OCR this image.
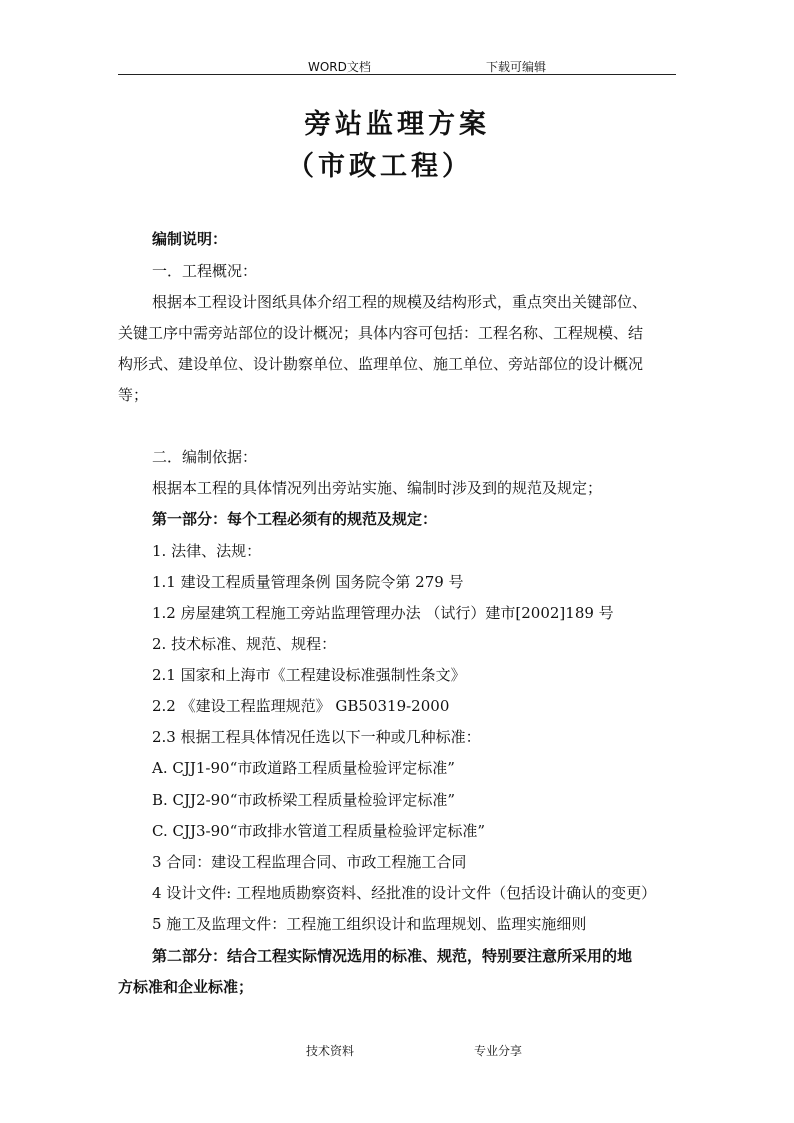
WORD文档	下载可编辑
旁站监理方案
（市政工程）
编制说明：
一．工程概况：
根据本工程设计图纸具体介绍工程的规模及结构形式，重点突出关键部位、
关键工序中需旁站部位的设计概况；具体内容可包括：工程名称、工程规模、结
构形式、建设单位、设计勘察单位、监理单位、施工单位、旁站部位的设计概况
等；
二．编制依据：
根据本工程的具体情况列出旁站实施、编制时涉及到的规范及规定；
第一部分：每个工程必须有的规范及规定：
1. 法律、法规：
1.1 建设工程质量管理条例 国务院令第 279 号
1.2 房屋建筑工程施工旁站监理管理办法 （试行）建市[2002]189 号
2. 技术标准、规范、规程：
2.1 国家和上海市《工程建设标准强制性条文》
2.2 《建设工程监理规范》 GB50319-2000
2.3 根据工程具体情况任选以下一种或几种标准：
A. CJJ1-90“市政道路工程质量检验评定标准”
B. CJJ2-90“市政桥梁工程质量检验评定标准”
C. CJJ3-90“市政排水管道工程质量检验评定标准”
3 合同：建设工程监理合同、市政工程施工合同
4 设计文件: 工程地质勘察资料、经批准的设计文件（包括设计确认的变更）
5 施工及监理文件：工程施工组织设计和监理规划、监理实施细则
第二部分：结合工程实际情况选用的标准、规范，特别要注意所采用的地
方标准和企业标准；
技术资料	专业分享
